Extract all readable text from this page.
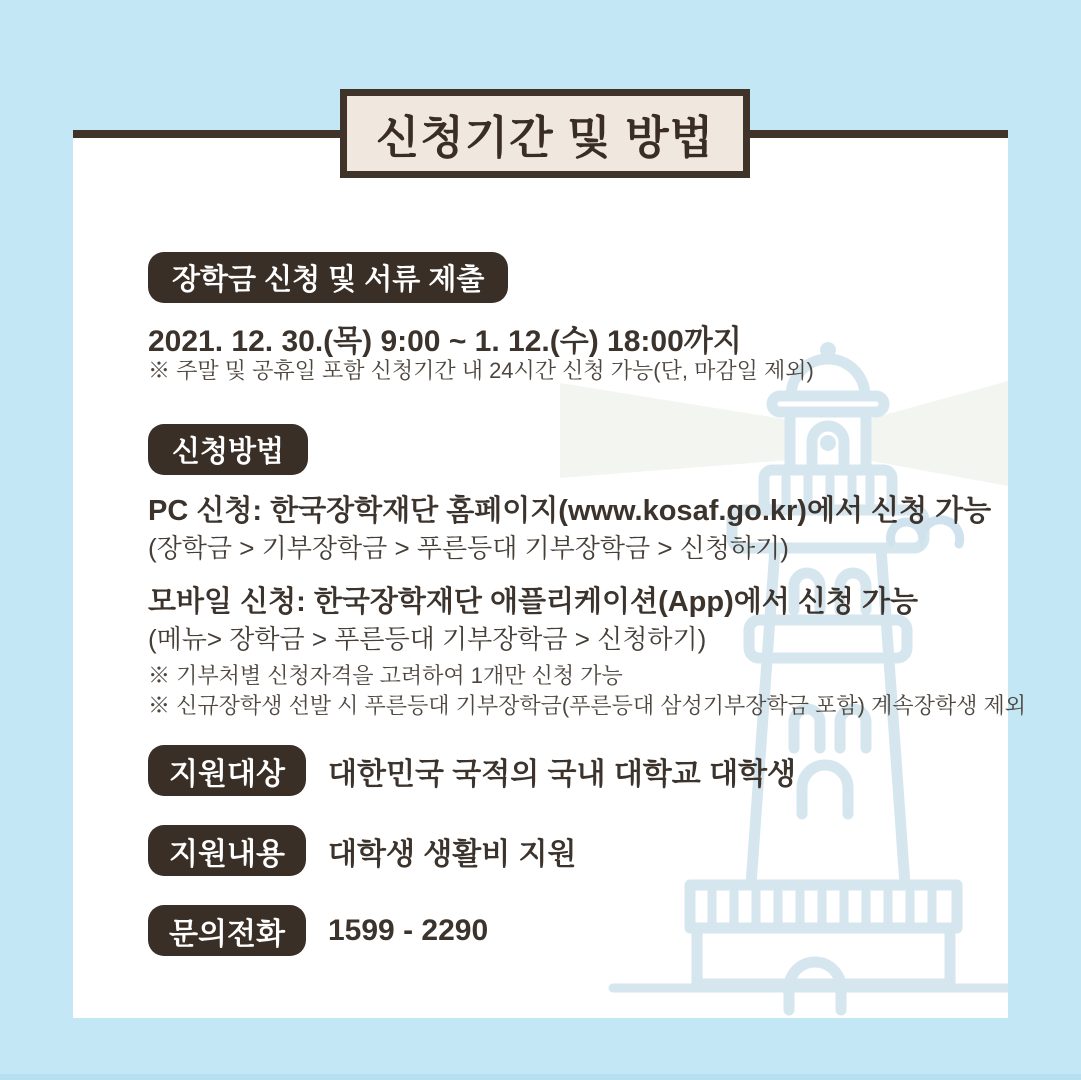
장학금 신청 및 서류 제출
2021. 12. 30.(목) 9:00 ~ 1. 12.(수) 18:00까지
※ 주말 및 공휴일 포함 신청기간 내 24시간 신청 가능(단, 마감일 제외)
신청방법
PC 신청: 한국장학재단 홈페이지(www.kosaf.go.kr)에서 신청 가능
(장학금 > 기부장학금 > 푸른등대 기부장학금 > 신청하기)
모바일 신청: 한국장학재단 애플리케이션(App)에서 신청 가능
(메뉴> 장학금 > 푸른등대 기부장학금 > 신청하기)
※ 기부처별 신청자격을 고려하여 1개만 신청 가능
※ 신규장학생 선발 시 푸른등대 기부장학금(푸른등대 삼성기부장학금 포함) 계속장학생 제외
지원대상	대한민국 국적의 국내 대학교 대학생
지원내용	대학생 생활비 지원
문의전화	1599 - 2290
신청기간 및 방법
